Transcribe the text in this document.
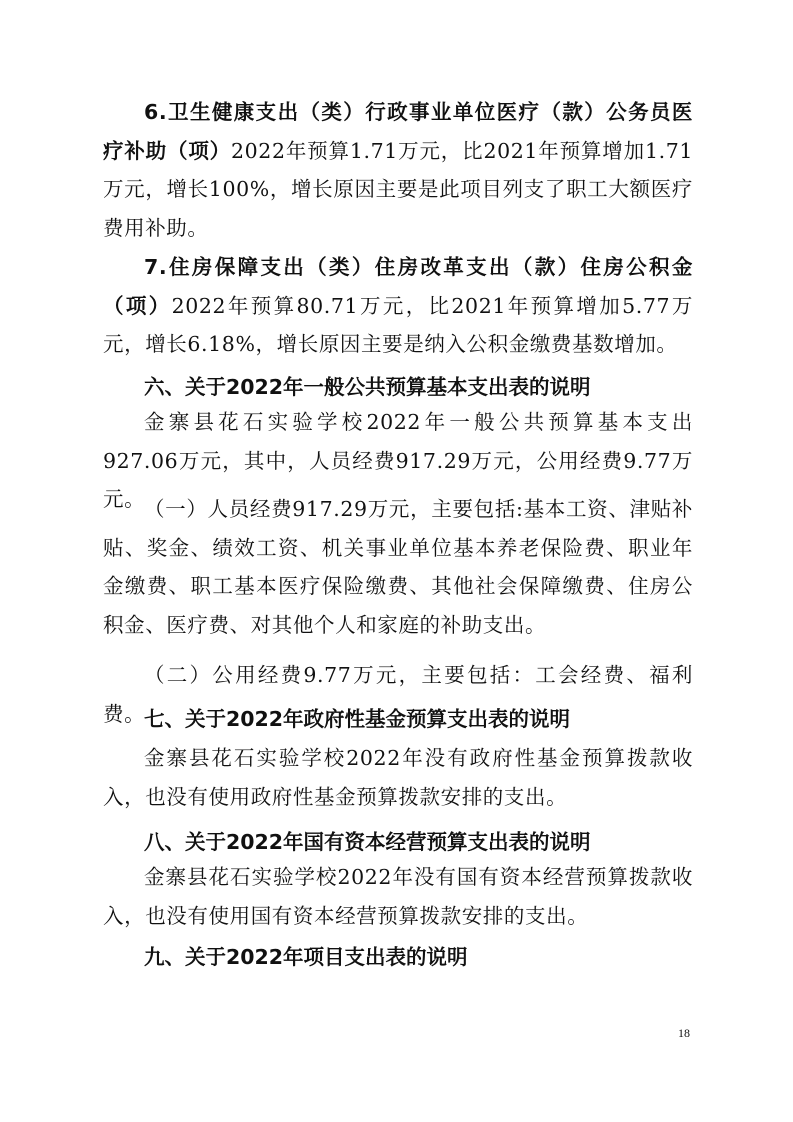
6.卫生健康支出（类）行政事业单位医疗（款）公务员医疗补助（项）2022年预算1.71万元，比2021年预算增加1.71万元，增长100%，增长原因主要是此项目列支了职工大额医疗费用补助。

7.住房保障支出（类）住房改革支出（款）住房公积金（项）2022年预算80.71万元，比2021年预算增加5.77万元，增长6.18%，增长原因主要是纳入公积金缴费基数增加。

六、关于2022年一般公共预算基本支出表的说明

金寨县花石实验学校2022年一般公共预算基本支出927.06万元，其中，人员经费917.29万元，公用经费9.77万元。

（一）人员经费917.29万元，主要包括:基本工资、津贴补贴、奖金、绩效工资、机关事业单位基本养老保险费、职业年金缴费、职工基本医疗保险缴费、其他社会保障缴费、住房公积金、医疗费、对其他个人和家庭的补助支出。

（二）公用经费9.77万元，主要包括：工会经费、福利费。

七、关于2022年政府性基金预算支出表的说明

金寨县花石实验学校2022年没有政府性基金预算拨款收入，也没有使用政府性基金预算拨款安排的支出。

八、关于2022年国有资本经营预算支出表的说明

金寨县花石实验学校2022年没有国有资本经营预算拨款收入，也没有使用国有资本经营预算拨款安排的支出。

九、关于2022年项目支出表的说明
18
